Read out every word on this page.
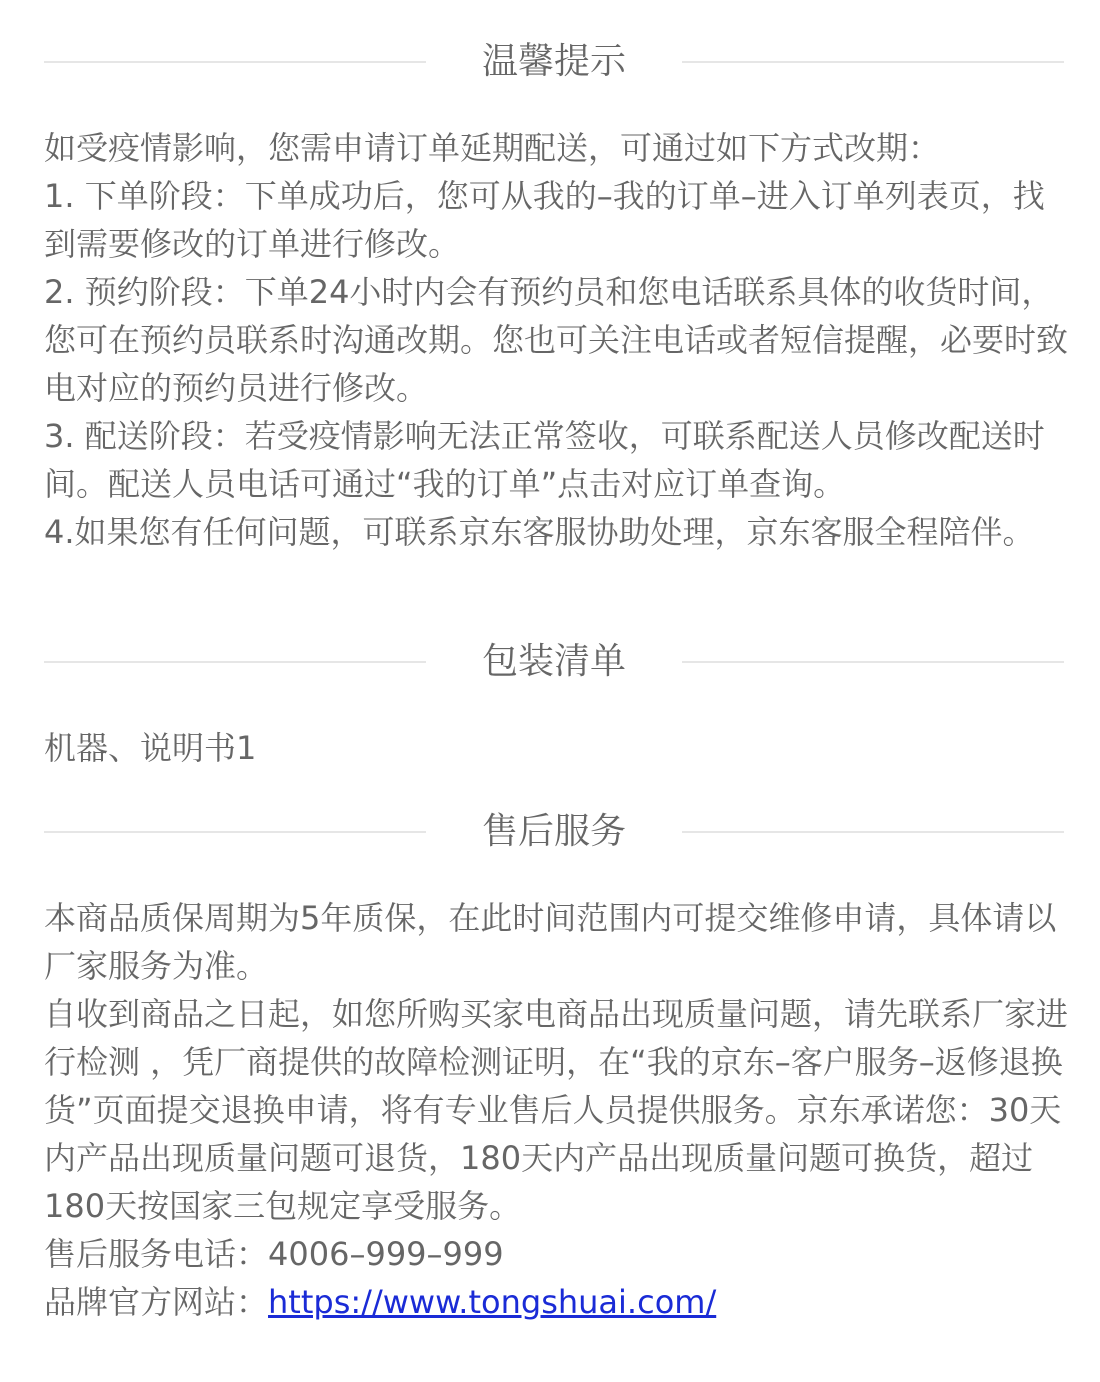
温馨提示

如受疫情影响，您需申请订单延期配送，可通过如下方式改期：

1. 下单阶段：下单成功后，您可从我的–我的订单–进入订单列表页，找到需要修改的订单进行修改。

2. 预约阶段：下单24小时内会有预约员和您电话联系具体的收货时间，您可在预约员联系时沟通改期。您也可关注电话或者短信提醒，必要时致电对应的预约员进行修改。

3. 配送阶段：若受疫情影响无法正常签收，可联系配送人员修改配送时间。配送人员电话可通过“我的订单”点击对应订单查询。

4.如果您有任何问题，可联系京东客服协助处理，京东客服全程陪伴。

包装清单

机器、说明书1

售后服务

本商品质保周期为5年质保，在此时间范围内可提交维修申请，具体请以厂家服务为准。

自收到商品之日起，如您所购买家电商品出现质量问题，请先联系厂家进行检测 ，凭厂商提供的故障检测证明，在“我的京东–客户服务–返修退换货”页面提交退换申请，将有专业售后人员提供服务。京东承诺您：30天内产品出现质量问题可退货，180天内产品出现质量问题可换货，超过180天按国家三包规定享受服务。

售后服务电话：4006–999–999

品牌官方网站：https://www.tongshuai.com/
